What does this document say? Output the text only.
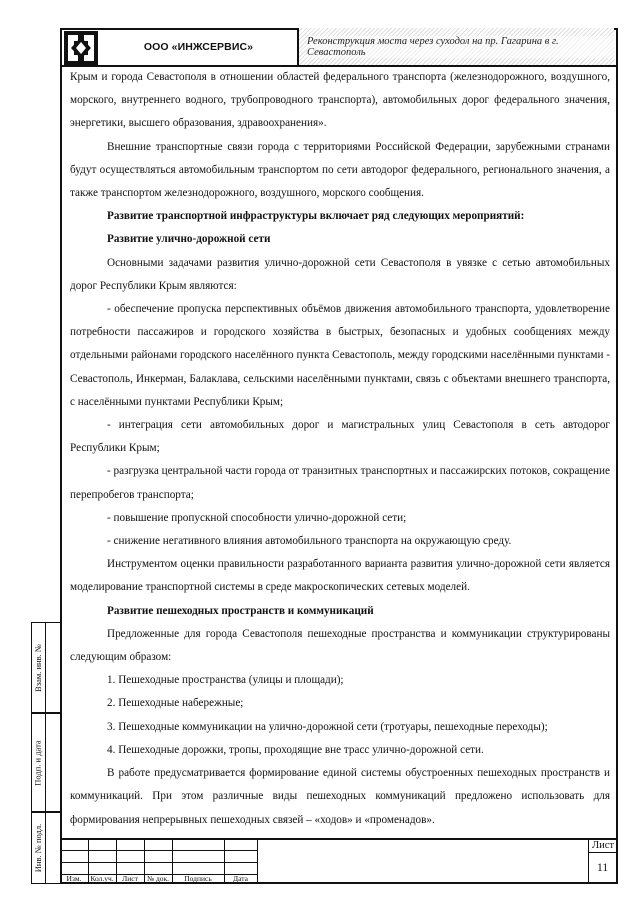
ООО «ИНЖСЕРВИС»	Реконструкция моста через суходол на пр. Гагарина в г. Севастополь

Крым и города Севастополя в отношении областей федерального транспорта (железнодорожного, воздушного, морского, внутреннего водного, трубопроводного транспорта), автомобильных дорог федерального значения, энергетики, высшего образования, здравоохранения».

Внешние транспортные связи города с территориями Российской Федерации, зарубежными странами будут осуществляться автомобильным транспортом по сети автодорог федерального, регионального значения, а также транспортом железнодорожного, воздушного, морского сообщения.

Развитие транспортной инфраструктуры включает ряд следующих мероприятий:

Развитие улично-дорожной сети

Основными задачами развития улично-дорожной сети Севастополя в увязке с сетью автомобильных дорог Республики Крым являются:

- обеспечение пропуска перспективных объёмов движения автомобильного транспорта, удовлетворение потребности пассажиров и городского хозяйства в быстрых, безопасных и удобных сообщениях между отдельными районами городского населённого пункта Севастополь, между городскими населёнными пунктами - Севастополь, Инкерман, Балаклава, сельскими населёнными пунктами, связь с объектами внешнего транспорта, с населёнными пунктами Республики Крым;

- интеграция сети автомобильных дорог и магистральных улиц Севастополя в сеть автодорог Республики Крым;

- разгрузка центральной части города от транзитных транспортных и пассажирских потоков, сокращение перепробегов транспорта;

- повышение пропускной способности улично-дорожной сети;

- снижение негативного влияния автомобильного транспорта на окружающую среду.

Инструментом оценки правильности разработанного варианта развития улично-дорожной сети является моделирование транспортной системы в среде макроскопических сетевых моделей.

Развитие пешеходных пространств и коммуникаций

Предложенные для города Севастополя пешеходные пространства и коммуникации структурированы следующим образом:

1. Пешеходные пространства (улицы и площади);

2. Пешеходные набережные;

3. Пешеходные коммуникации на улично-дорожной сети (тротуары, пешеходные переходы);

4. Пешеходные дорожки, тропы, проходящие вне трасс улично-дорожной сети.

В работе предусматривается формирование единой системы обустроенных пешеходных пространств и коммуникаций. При этом различные виды пешеходных коммуникаций предложено использовать для формирования непрерывных пешеходных связей – «ходов» и «променадов».

Взам. инв. №
Подп. и дата
Инв. № подл.
Изм.	Кол.уч.	Лист	№ док.	Подпись	Дата
Лист
11
